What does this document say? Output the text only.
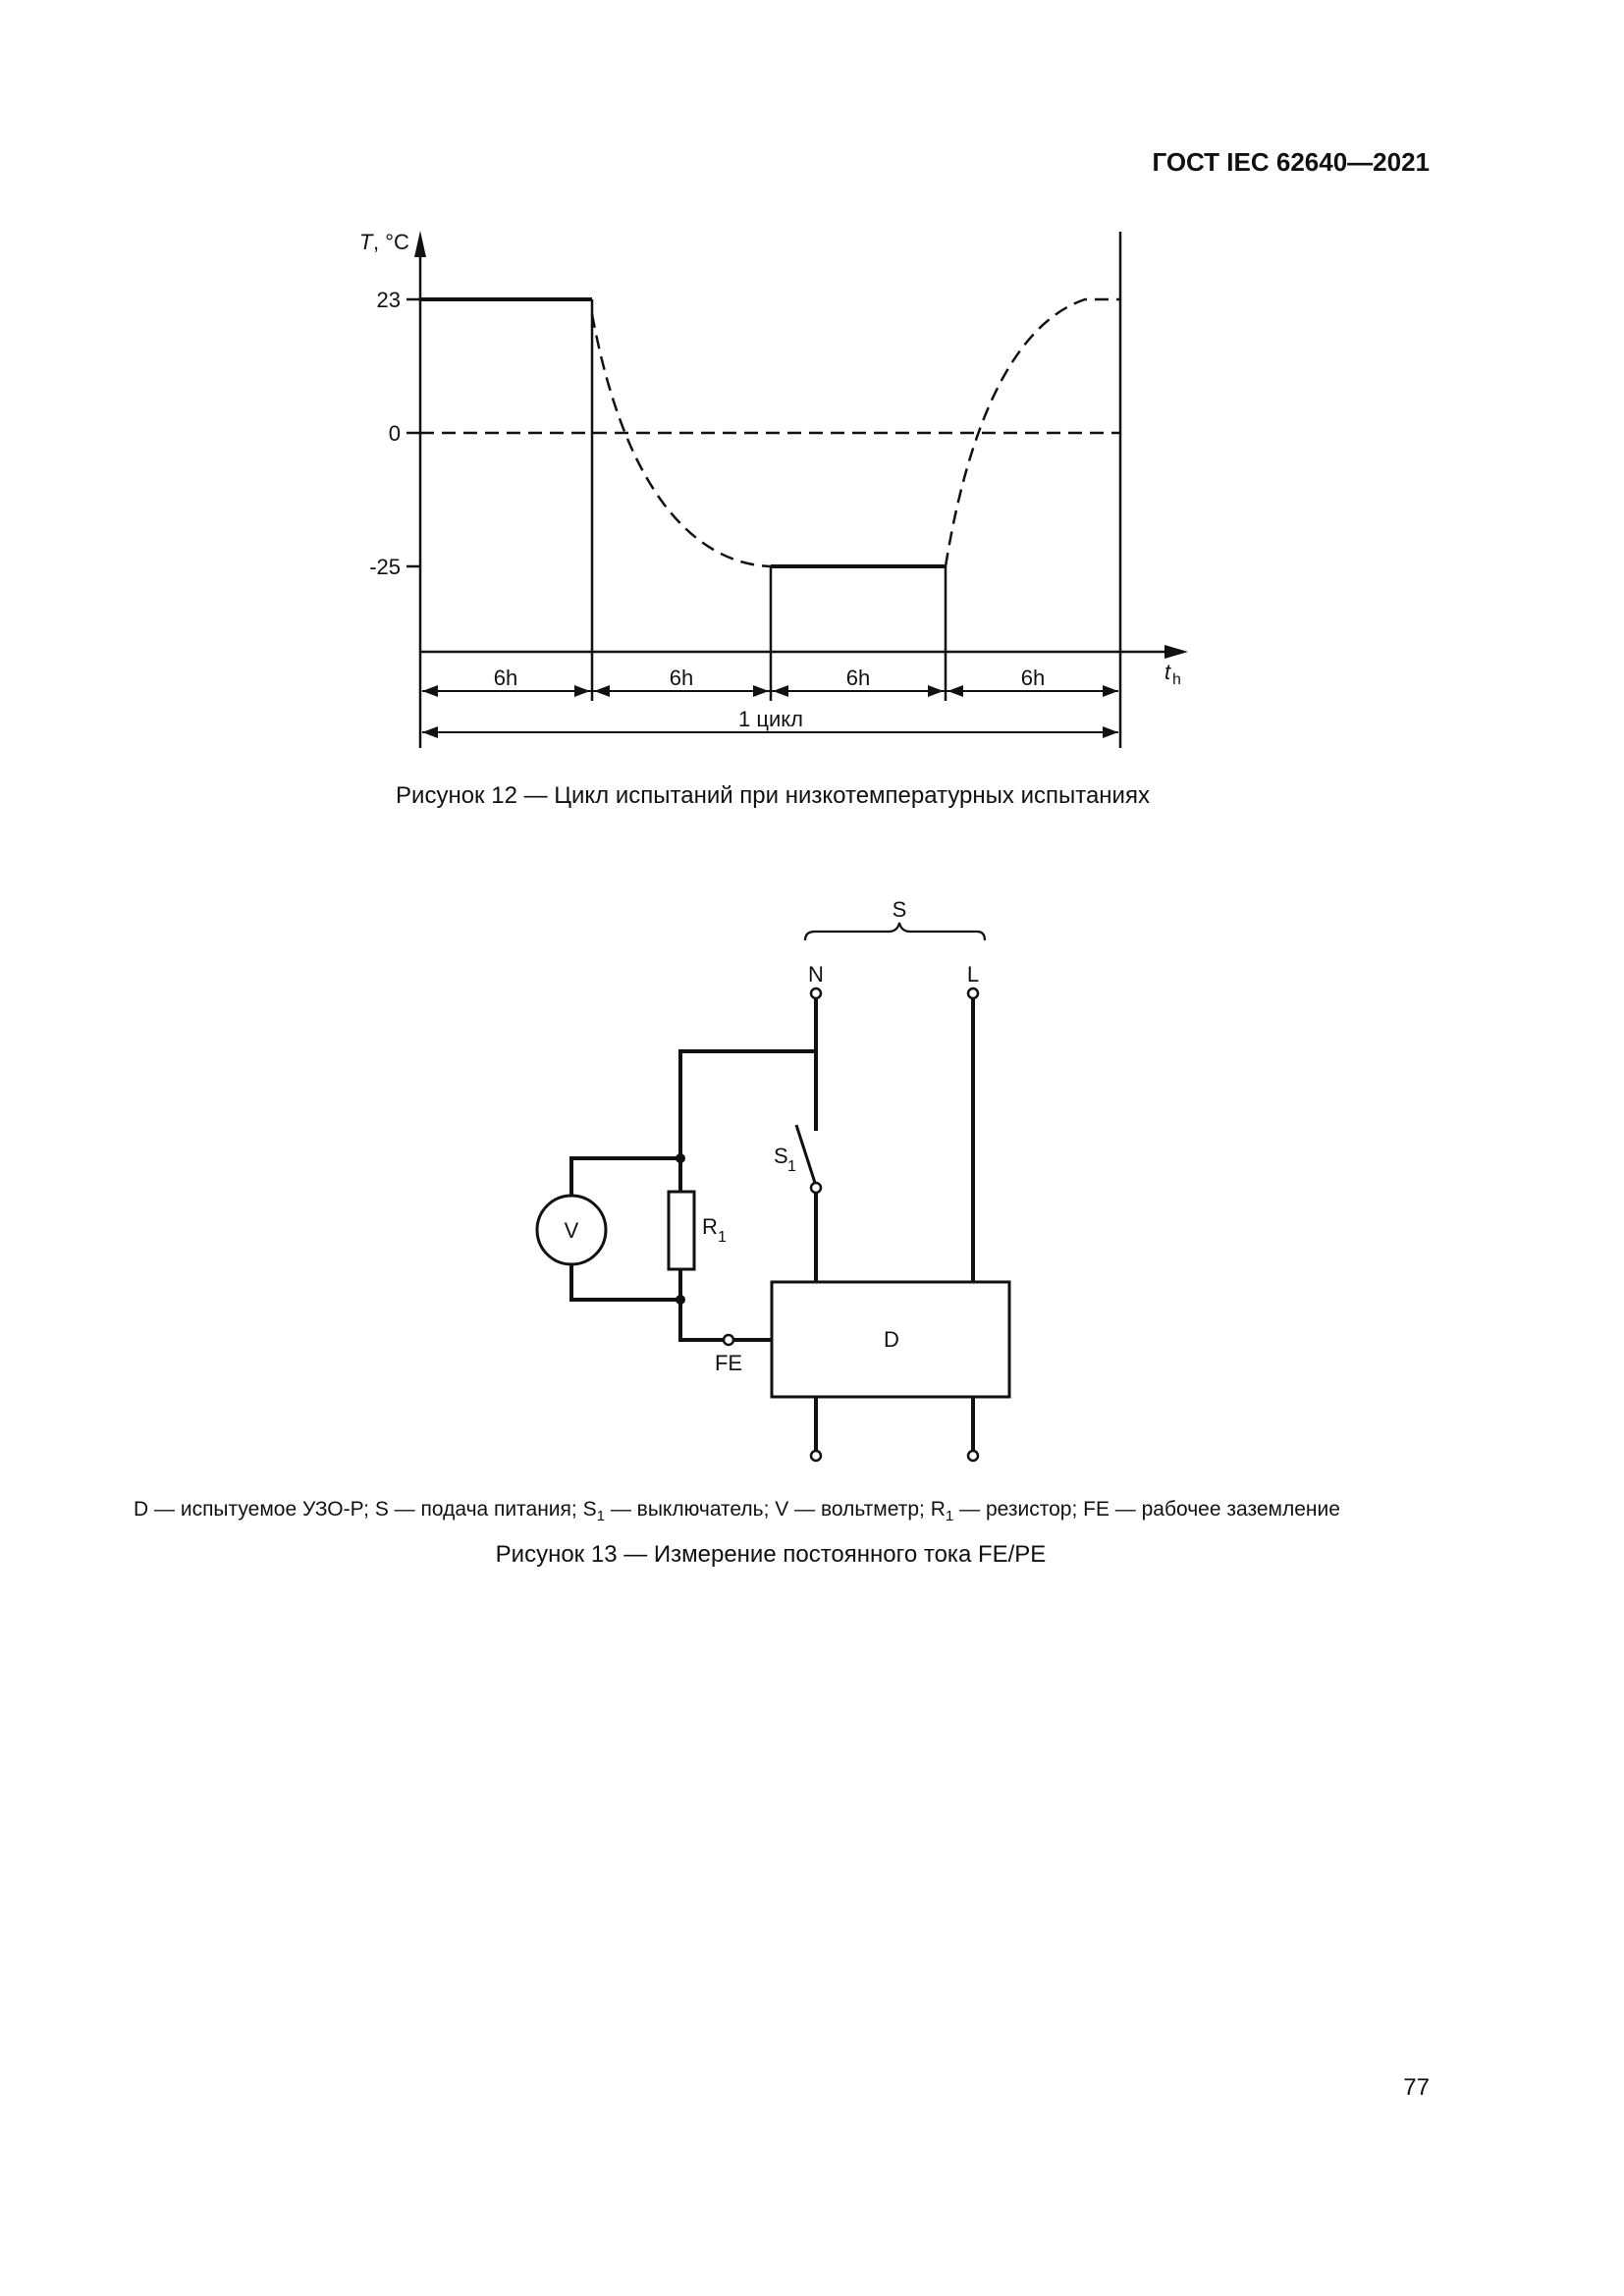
ГОСТ IEC 62640—2021
T , °C
t h
23
0
-25
6h	6h	6h	6h
1 цикл
Рисунок 12 — Цикл испытаний при низкотемпературных испытаниях
S
N	L
V
D
S 1
R 1
FE
D — испытуемое УЗО-Р; S — подача питания; $S_1$ — выключатель; V — вольтметр; $R_1$ — резистор; FE — рабочее заземление
Рисунок 13 — Измерение постоянного тока FE/PE
77
